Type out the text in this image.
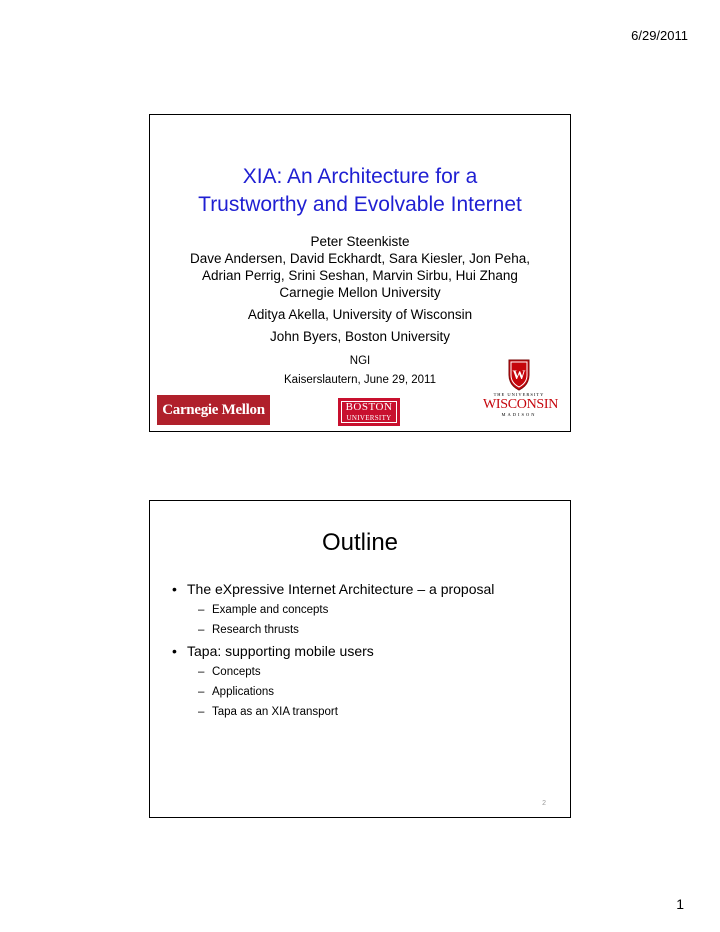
6/29/2011
XIA: An Architecture for a
Trustworthy and Evolvable Internet
Peter Steenkiste
Dave Andersen, David Eckhardt, Sara Kiesler, Jon Peha,
Adrian Perrig, Srini Seshan, Marvin Sirbu, Hui Zhang
Carnegie Mellon University
Aditya Akella, University of Wisconsin
John Byers, Boston University
NGI
Kaiserslautern, June 29, 2011
Carnegie Mellon	BOSTON
UNIVERSITY
W
THE UNIVERSITY
WISCONSIN
MADISON
Outline
• The eXpressive Internet Architecture – a proposal
– Example and concepts
– Research thrusts
• Tapa: supporting mobile users
– Concepts
– Applications
– Tapa as an XIA transport
2
1
